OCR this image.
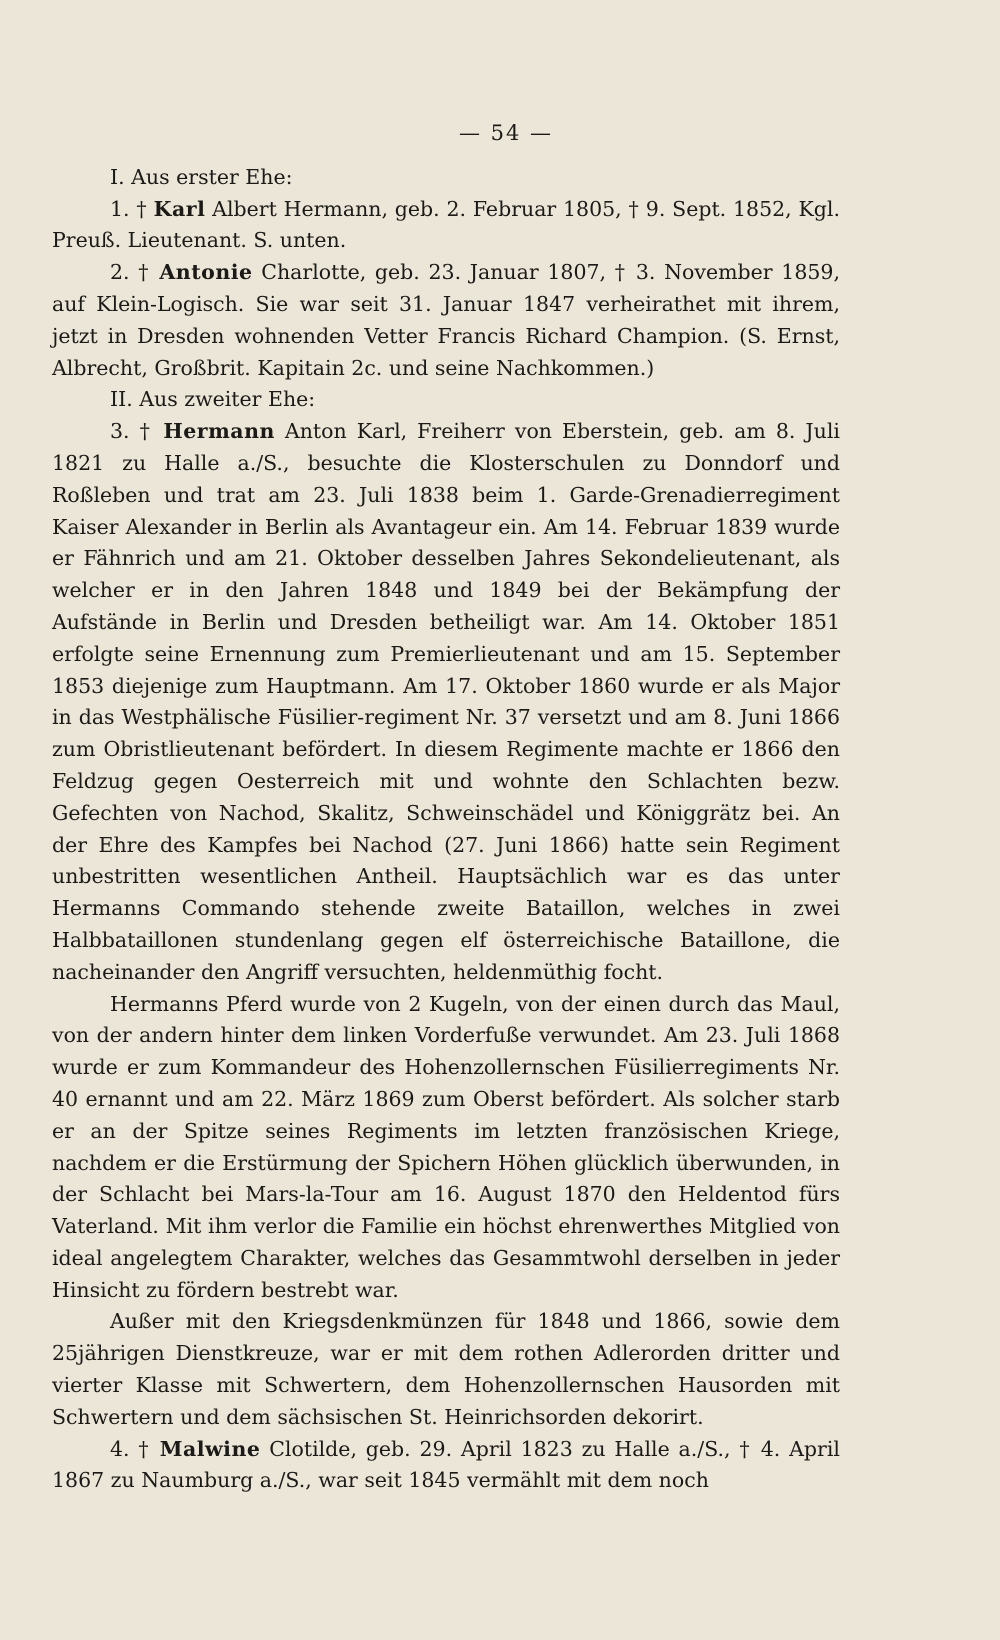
— 54 —

I. Aus erster Ehe:

1. † Karl Albert Hermann, geb. 2. Februar 1805, † 9. Sept. 1852, Kgl. Preuß. Lieutenant. S. unten.

2. † Antonie Charlotte, geb. 23. Januar 1807, † 3. November 1859, auf Klein-Logisch. Sie war seit 31. Januar 1847 verheirathet mit ihrem, jetzt in Dresden wohnenden Vetter Francis Richard Champion. (S. Ernst, Albrecht, Großbrit. Kapitain 2c. und seine Nachkommen.)

II. Aus zweiter Ehe:

3. † Hermann Anton Karl, Freiherr von Eberstein, geb. am 8. Juli 1821 zu Halle a./S., besuchte die Klosterschulen zu Donndorf und Roßleben und trat am 23. Juli 1838 beim 1. Garde-Grenadierregiment Kaiser Alexander in Berlin als Avantageur ein. Am 14. Februar 1839 wurde er Fähnrich und am 21. Oktober desselben Jahres Sekondelieutenant, als welcher er in den Jahren 1848 und 1849 bei der Bekämpfung der Aufstände in Berlin und Dresden betheiligt war. Am 14. Oktober 1851 erfolgte seine Ernennung zum Premierlieutenant und am 15. September 1853 diejenige zum Hauptmann. Am 17. Oktober 1860 wurde er als Major in das Westphälische Füsilier-regiment Nr. 37 versetzt und am 8. Juni 1866 zum Obristlieutenant befördert. In diesem Regimente machte er 1866 den Feldzug gegen Oesterreich mit und wohnte den Schlachten bezw. Gefechten von Nachod, Skalitz, Schweinschädel und Königgrätz bei. An der Ehre des Kampfes bei Nachod (27. Juni 1866) hatte sein Regiment unbestritten wesentlichen Antheil. Hauptsächlich war es das unter Hermanns Commando stehende zweite Bataillon, welches in zwei Halbbataillonen stundenlang gegen elf österreichische Bataillone, die nacheinander den Angriff versuchten, heldenmüthig focht.

Hermanns Pferd wurde von 2 Kugeln, von der einen durch das Maul, von der andern hinter dem linken Vorderfuße verwundet. Am 23. Juli 1868 wurde er zum Kommandeur des Hohenzollernschen Füsilierregiments Nr. 40 ernannt und am 22. März 1869 zum Oberst befördert. Als solcher starb er an der Spitze seines Regiments im letzten französischen Kriege, nachdem er die Erstürmung der Spichern Höhen glücklich überwunden, in der Schlacht bei Mars-la-Tour am 16. August 1870 den Heldentod fürs Vaterland. Mit ihm verlor die Familie ein höchst ehrenwerthes Mitglied von ideal angelegtem Charakter, welches das Gesammtwohl derselben in jeder Hinsicht zu fördern bestrebt war.

Außer mit den Kriegsdenkmünzen für 1848 und 1866, sowie dem 25jährigen Dienstkreuze, war er mit dem rothen Adlerorden dritter und vierter Klasse mit Schwertern, dem Hohenzollernschen Hausorden mit Schwertern und dem sächsischen St. Heinrichsorden dekorirt.

4. † Malwine Clotilde, geb. 29. April 1823 zu Halle a./S., † 4. April 1867 zu Naumburg a./S., war seit 1845 vermählt mit dem noch
